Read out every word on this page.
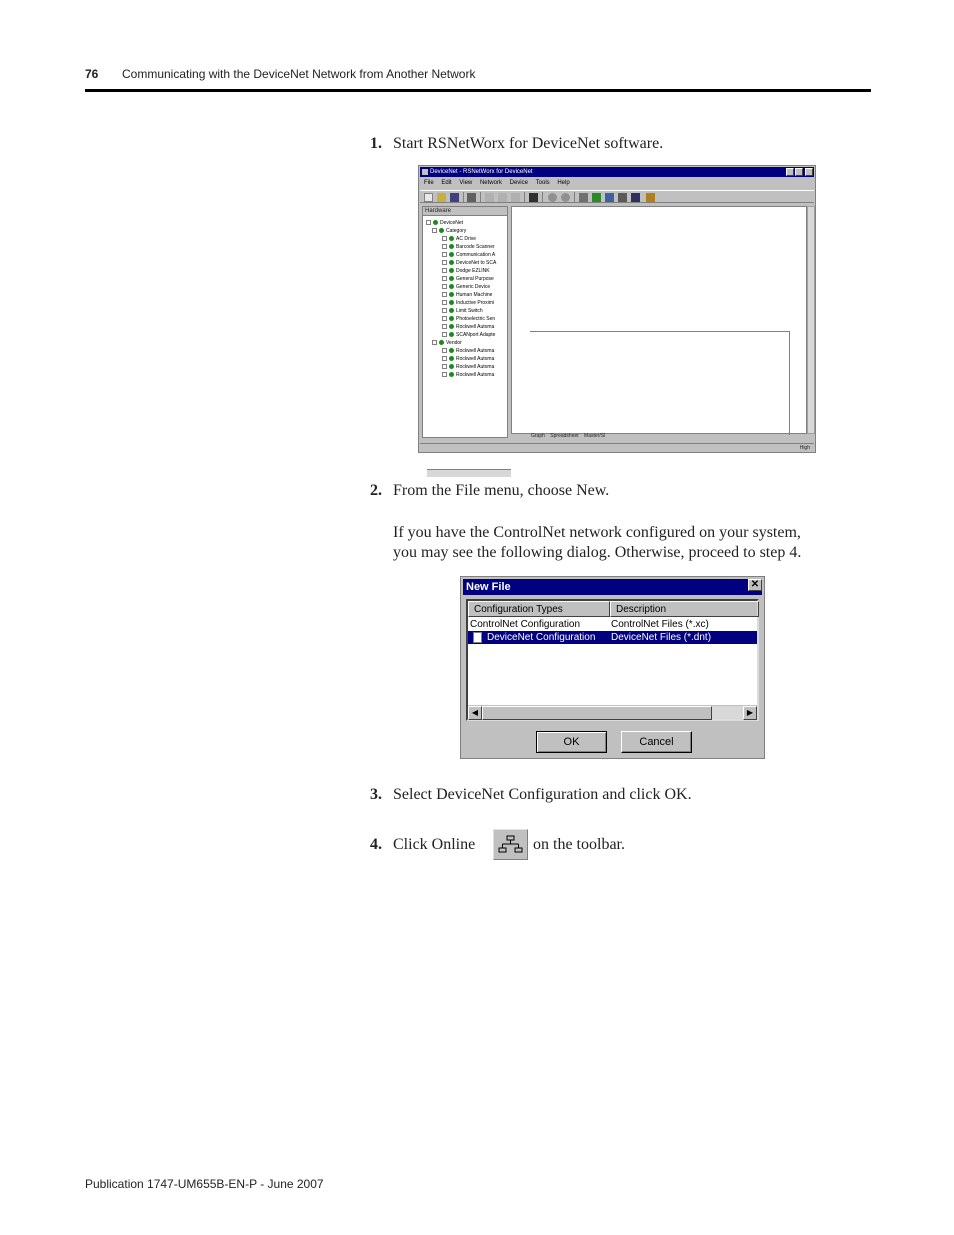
76 Communicating with the DeviceNet Network from Another Network
1. Start RSNetWorx for DeviceNet software.
DeviceNet - RSNetWorx for DeviceNet
File Edit View Network Device Tools Help
Hardware
DeviceNet
Category
AC Drive
Barcode Scanner
Communication A
DeviceNet to SCA
Dodge EZLINK
General Purpose
Generic Device
Human Machine
Inductive Proximi
Limit Switch
Photoelectric Sen
Rockwell Automa
SCANport Adapte
Vendor
Rockwell Automa
Rockwell Automa
Rockwell Automa
Rockwell Automa
Graph Spreadsheet Master/Sl
High
2. From the File menu, choose New.
If you have the ControlNet network configured on your system,
you may see the following dialog. Otherwise, proceed to step 4.
New File	✕
Configuration Types	Description
ControlNet Configuration	ControlNet Files (*.xc)
DeviceNet Configuration DeviceNet Files (*.dnt)
◀	▶
OK	Cancel
3. Select DeviceNet Configuration and click OK.
4. Click Online	on the toolbar.
Publication 1747-UM655B-EN-P - June 2007
